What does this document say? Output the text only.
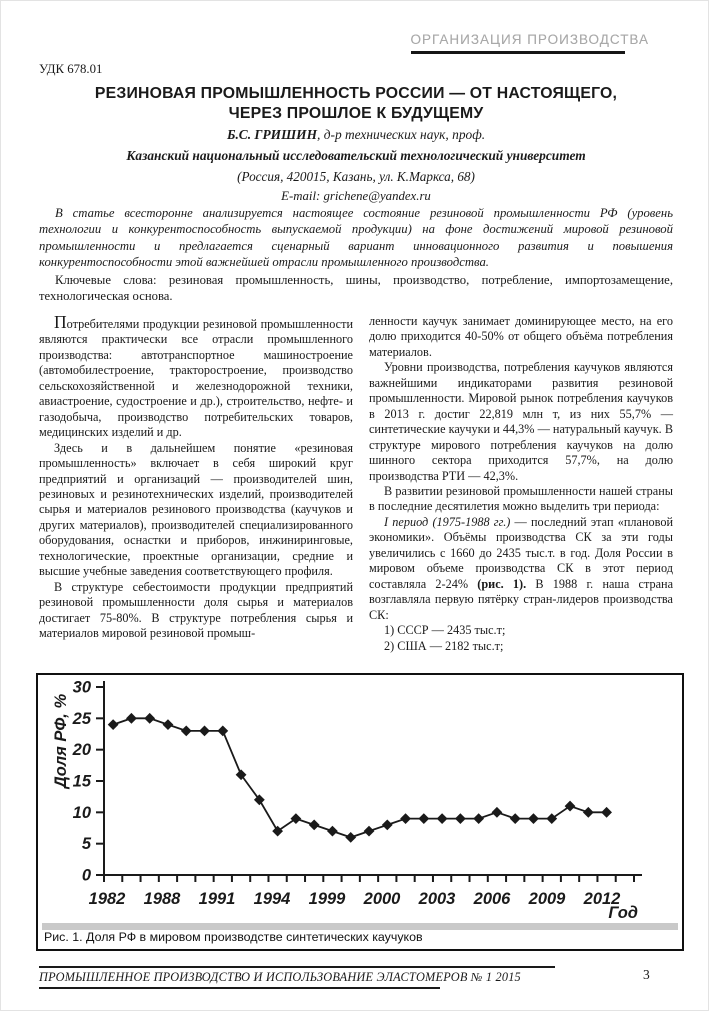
ОРГАНИЗАЦИЯ ПРОИЗВОДСТВА
УДК 678.01
РЕЗИНОВАЯ ПРОМЫШЛЕННОСТЬ РОССИИ — ОТ НАСТОЯЩЕГО,
ЧЕРЕЗ ПРОШЛОЕ К БУДУЩЕМУ
Б.С. ГРИШИН, д-р технических наук, проф.
Казанский национальный исследовательский технологический университет
(Россия, 420015, Казань, ул. К.Маркса, 68)
E-mail: grichene@yandex.ru
В статье всесторонне анализируется настоящее состояние резиновой промышленности РФ (уровень технологии и конкурентоспособность выпускаемой продукции) на фоне достижений мировой резиновой промышленности и предлагается сценарный вариант инновационного развития и повышения конкурентоспособности этой важнейшей отрасли промышленного производства.
Ключевые слова: резиновая промышленность, шины, производство, потребление, импортозамещение, технологическая основа.

Потребителями продукции резиновой промышленности являются практически все отрасли промышленного производства: автотранспортное машиностроение (автомобилестроение, тракторостроение, производство сельскохозяйственной и железнодорожной техники, авиастроение, судостроение и др.), строительство, нефте- и газодобыча, производство потребительских товаров, медицинских изделий и др.

Здесь и в дальнейшем понятие «резиновая промышленность» включает в себя широкий круг предприятий и организаций — производителей шин, резиновых и резинотехнических изделий, производителей сырья и материалов резинового производства (каучуков и других материалов), производителей специализированного оборудования, оснастки и приборов, инжиниринговые, технологические, проектные организации, средние и высшие учебные заведения соответствующего профиля.

В структуре себестоимости продукции предприятий резиновой промышленности доля сырья и материалов достигает 75-80%. В структуре потребления сырья и материалов мировой резиновой промыш-

ленности каучук занимает доминирующее место, на его долю приходится 40-50% от общего объёма потребления материалов.

Уровни производства, потребления каучуков являются важнейшими индикаторами развития резиновой промышленности. Мировой рынок потребления каучуков в 2013 г. достиг 22,819 млн т, из них 55,7% — синтетические каучуки и 44,3% — натуральный каучук. В структуре мирового потребления каучуков на долю шинного сектора приходится 57,7%, на долю производства РТИ — 42,3%.

В развитии резиновой промышленности нашей страны в последние десятилетия можно выделить три периода:

I период (1975-1988 гг.) — последний этап «плановой экономики». Объёмы производства СК за эти годы увеличились с 1660 до 2435 тыс.т. в год. Доля России в мировом объеме производства СК в этот период составляла 2-24% (рис. 1). В 1988 г. наша страна возглавляла первую пятёрку стран-лидеров производства СК:

1) СССР — 2435 тыс.т;

2) США — 2182 тыс.т;

0
5
10
15
20
25
30
1982 1988 1991 1994 1999 2000 2003 2006 2009 2012
Доля РФ, %
Год
Рис. 1. Доля РФ в мировом производстве синтетических каучуков
ПРОМЫШЛЕННОЕ ПРОИЗВОДСТВО И ИСПОЛЬЗОВАНИЕ ЭЛАСТОМЕРОВ № 1 2015	3
